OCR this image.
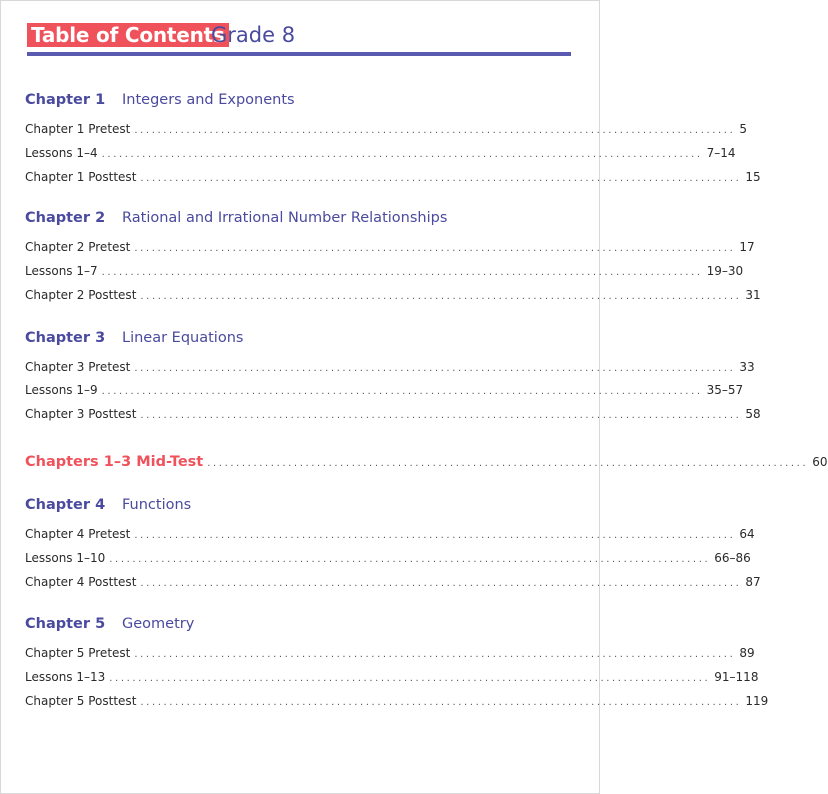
Table of Contents
Grade 8
Chapter 1 Integers and Exponents
Chapter 1 Pretest ........................................................................................................ 5
Lessons 1–4 ........................................................................................................ 7–14
Chapter 1 Posttest ........................................................................................................ 15
Chapter 2 Rational and Irrational Number Relationships
Chapter 2 Pretest ........................................................................................................ 17
Lessons 1–7 ........................................................................................................ 19–30
Chapter 2 Posttest ........................................................................................................ 31
Chapter 3 Linear Equations
Chapter 3 Pretest ........................................................................................................ 33
Lessons 1–9 ........................................................................................................ 35–57
Chapter 3 Posttest ........................................................................................................ 58
Chapters 1–3 Mid-Test ........................................................................................................ 60
Chapter 4 Functions
Chapter 4 Pretest ........................................................................................................ 64
Lessons 1–10 ........................................................................................................ 66–86
Chapter 4 Posttest ........................................................................................................ 87
Chapter 5 Geometry
Chapter 5 Pretest ........................................................................................................ 89
Lessons 1–13 ........................................................................................................ 91–118
Chapter 5 Posttest ........................................................................................................ 119
